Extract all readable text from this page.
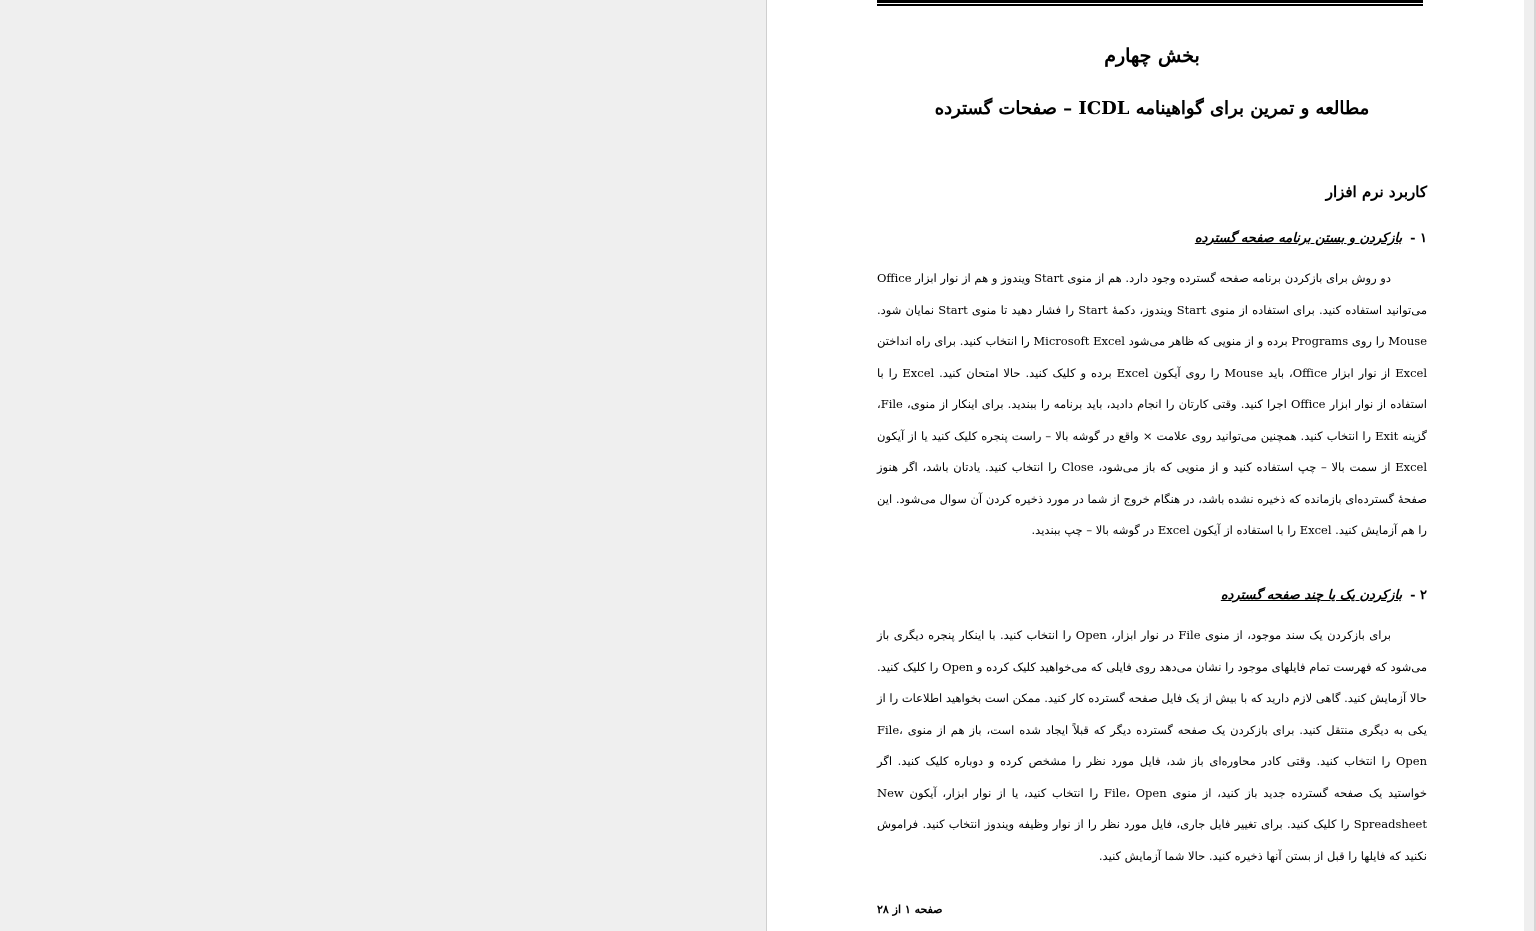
بخش چهارم
مطالعه و تمرین برای گواهینامه ICDL – صفحات گسترده
کاربرد نرم افزار
۱ -بازکردن و بستن برنامه صفحه گسترده

دو روش برای بازکردن برنامه صفحه گسترده وجود دارد. هم از منوی Start ویندوز و هم از نوار ابزار Office می‌توانید استفاده کنید. برای استفاده از منوی Start ویندوز، دکمهٔ Start را فشار دهید تا منوی Start نمایان شود. Mouse را روی Programs برده و از منویی که ظاهر می‌شود Microsoft Excel را انتخاب کنید. برای راه انداختن Excel از نوار ابزار Office، باید Mouse را روی آیکون Excel برده و کلیک کنید. حالا امتحان کنید. Excel را با استفاده از نوار ابزار Office اجرا کنید. وقتی کارتان را انجام دادید، باید برنامه را ببندید. برای اینکار از منوی، File، گزینه Exit را انتخاب کنید. همچنین می‌توانید روی علامت × واقع در گوشه بالا – راست پنجره کلیک کنید یا از آیکون Excel از سمت بالا – چپ استفاده کنید و از منویی که باز می‌شود، Close را انتخاب کنید. یادتان باشد، اگر هنوز صفحهٔ گسترده‌ای بازمانده که ذخیره نشده باشد، در هنگام خروج از شما در مورد ذخیره کردن آن سوال می‌شود. این را هم آزمایش کنید. Excel را با استفاده از آیکون Excel در گوشه بالا – چپ ببندید.

۲ -بازکردن یک یا چند صفحه گسترده

برای بازکردن یک سند موجود، از منوی File در نوار ابزار، Open را انتخاب کنید. با اینکار پنجره دیگری باز می‌شود که فهرست تمام فایلهای موجود را نشان می‌دهد روی فایلی که می‌خواهید کلیک کرده و Open را کلیک کنید. حالا آزمایش کنید. گاهی لازم دارید که با بیش از یک فایل صفحه گسترده کار کنید. ممکن است بخواهید اطلاعات را از یکی به دیگری منتقل کنید. برای بازکردن یک صفحه گسترده دیگر که قبلاً ایجاد شده است، باز هم از منوی File، Open را انتخاب کنید. وقتی کادر محاوره‌ای باز شد، فایل مورد نظر را مشخص کرده و دوباره کلیک کنید. اگر خواستید یک صفحه گسترده جدید باز کنید، از منوی File، Open را انتخاب کنید، یا از نوار ابزار، آیکون New Spreadsheet را کلیک کنید. برای تغییر فایل جاری، فایل مورد نظر را از نوار وظیفه ویندوز انتخاب کنید. فراموش نکنید که فایلها را قبل از بستن آنها ذخیره کنید. حالا شما آزمایش کنید.

صفحه ۱ از ۲۸
